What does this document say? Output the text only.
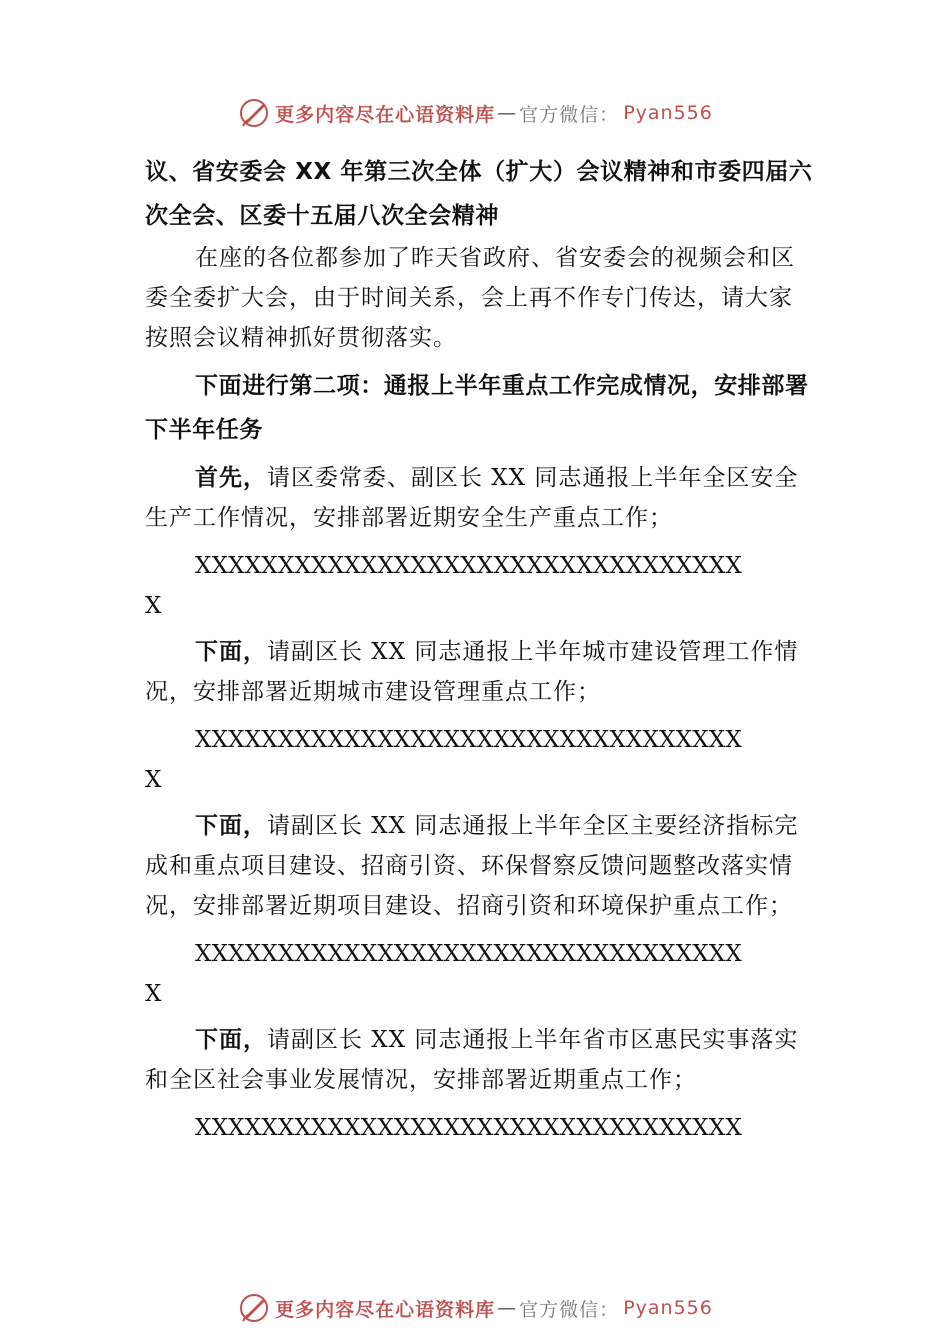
更多内容尽在心语资料库 — 官方微信： Pyan556

议、省安委会 XX 年第三次全体（扩大）会议精神和市委四届六次全会、区委十五届八次全会精神

在座的各位都参加了昨天省政府、省安委会的视频会和区委全委扩大会，由于时间关系，会上再不作专门传达，请大家按照会议精神抓好贯彻落实。

下面进行第二项：通报上半年重点工作完成情况，安排部署下半年任务

首先，请区委常委、副区长 XX 同志通报上半年全区安全生产工作情况，安排部署近期安全生产重点工作；

XXXXXXXXXXXXXXXXXXXXXXXXXXXXXXXXX

X

下面，请副区长 XX 同志通报上半年城市建设管理工作情况，安排部署近期城市建设管理重点工作；

XXXXXXXXXXXXXXXXXXXXXXXXXXXXXXXXX

X

下面，请副区长 XX 同志通报上半年全区主要经济指标完成和重点项目建设、招商引资、环保督察反馈问题整改落实情况，安排部署近期项目建设、招商引资和环境保护重点工作；

XXXXXXXXXXXXXXXXXXXXXXXXXXXXXXXXX

X

下面，请副区长 XX 同志通报上半年省市区惠民实事落实和全区社会事业发展情况，安排部署近期重点工作；

XXXXXXXXXXXXXXXXXXXXXXXXXXXXXXXXX

更多内容尽在心语资料库 — 官方微信： Pyan556
